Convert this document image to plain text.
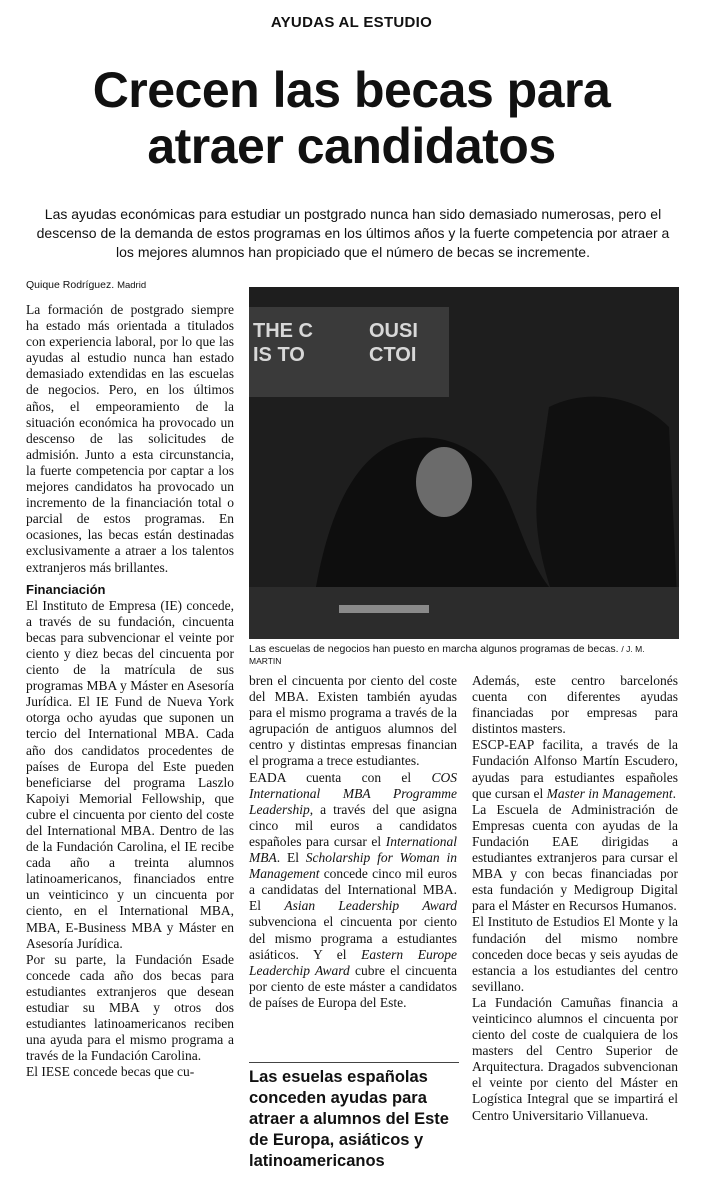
AYUDAS AL ESTUDIO
Crecen las becas para
atraer candidatos
Las ayudas económicas para estudiar un postgrado nunca han sido demasiado numerosas, pero el descenso de la demanda de estos programas en los últimos años y la fuerte competencia por atraer a los mejores alumnos han propiciado que el número de becas se incremente.
Quique Rodríguez. Madrid

La formación de postgrado siempre ha estado más orientada a titulados con experiencia laboral, por lo que las ayudas al estudio nunca han estado demasiado extendidas en las escuelas de negocios. Pero, en los últimos años, el empeoramiento de la situación económica ha provocado un descenso de las solicitudes de admisión. Junto a esta circunstancia, la fuerte competencia por captar a los mejores candidatos ha provocado un incremento de la financiación total o parcial de estos programas. En ocasiones, las becas están destinadas exclusivamente a atraer a los talentos extranjeros más brillantes.

Financiación

El Instituto de Empresa (IE) concede, a través de su fundación, cincuenta becas para subvencionar el veinte por ciento y diez becas del cincuenta por ciento de la matrícula de sus programas MBA y Máster en Asesoría Jurídica. El IE Fund de Nueva York otorga ocho ayudas que suponen un tercio del International MBA. Cada año dos candidatos procedentes de países de Europa del Este pueden beneficiarse del programa Laszlo Kapoiyi Memorial Fellowship, que cubre el cincuenta por ciento del coste del International MBA. Dentro de las de la Fundación Carolina, el IE recibe cada año a treinta alumnos latinoamericanos, financiados entre un veinticinco y un cincuenta por ciento, en el International MBA, MBA, E-Business MBA y Máster en Asesoría Jurídica.

Por su parte, la Fundación Esade concede cada año dos becas para estudiantes extranjeros que desean estudiar su MBA y otros dos estudiantes latinoamericanos reciben una ayuda para el mismo programa a través de la Fundación Carolina.

El IESE concede becas que cu-

THE C
IS TO
OUSI
CTOI
Las escuelas de negocios han puesto en marcha algunos programas de becas. / J. M. MARTIN

bren el cincuenta por ciento del coste del MBA. Existen también ayudas para el mismo programa a través de la agrupación de antiguos alumnos del centro y distintas empresas financian el programa a trece estudiantes.

EADA cuenta con el COS International MBA Programme Leadership, a través del que asigna cinco mil euros a candidatos españoles para cursar el International MBA. El Scholarship for Woman in Management concede cinco mil euros a candidatas del International MBA. El Asian Leadership Award subvenciona el cincuenta por ciento del mismo programa a estudiantes asiáticos. Y el Eastern Europe Leaderchip Award cubre el cincuenta por ciento de este máster a candidatos de países de Europa del Este.

Las esuelas españolas conceden ayudas para atraer a alumnos del Este de Europa, asiáticos y latinoamericanos

Además, este centro barcelonés cuenta con diferentes ayudas financiadas por empresas para distintos masters.

ESCP-EAP facilita, a través de la Fundación Alfonso Martín Escudero, ayudas para estudiantes españoles que cursan el Master in Management.

La Escuela de Administración de Empresas cuenta con ayudas de la Fundación EAE dirigidas a estudiantes extranjeros para cursar el MBA y con becas financiadas por esta fundación y Medigroup Digital para el Máster en Recursos Humanos.

El Instituto de Estudios El Monte y la fundación del mismo nombre conceden doce becas y seis ayudas de estancia a los estudiantes del centro sevillano.

La Fundación Camuñas financia a veinticinco alumnos el cincuenta por ciento del coste de cualquiera de los masters del Centro Superior de Arquitectura. Dragados subvencionan el veinte por ciento del Máster en Logística Integral que se impartirá el Centro Universitario Villanueva.
